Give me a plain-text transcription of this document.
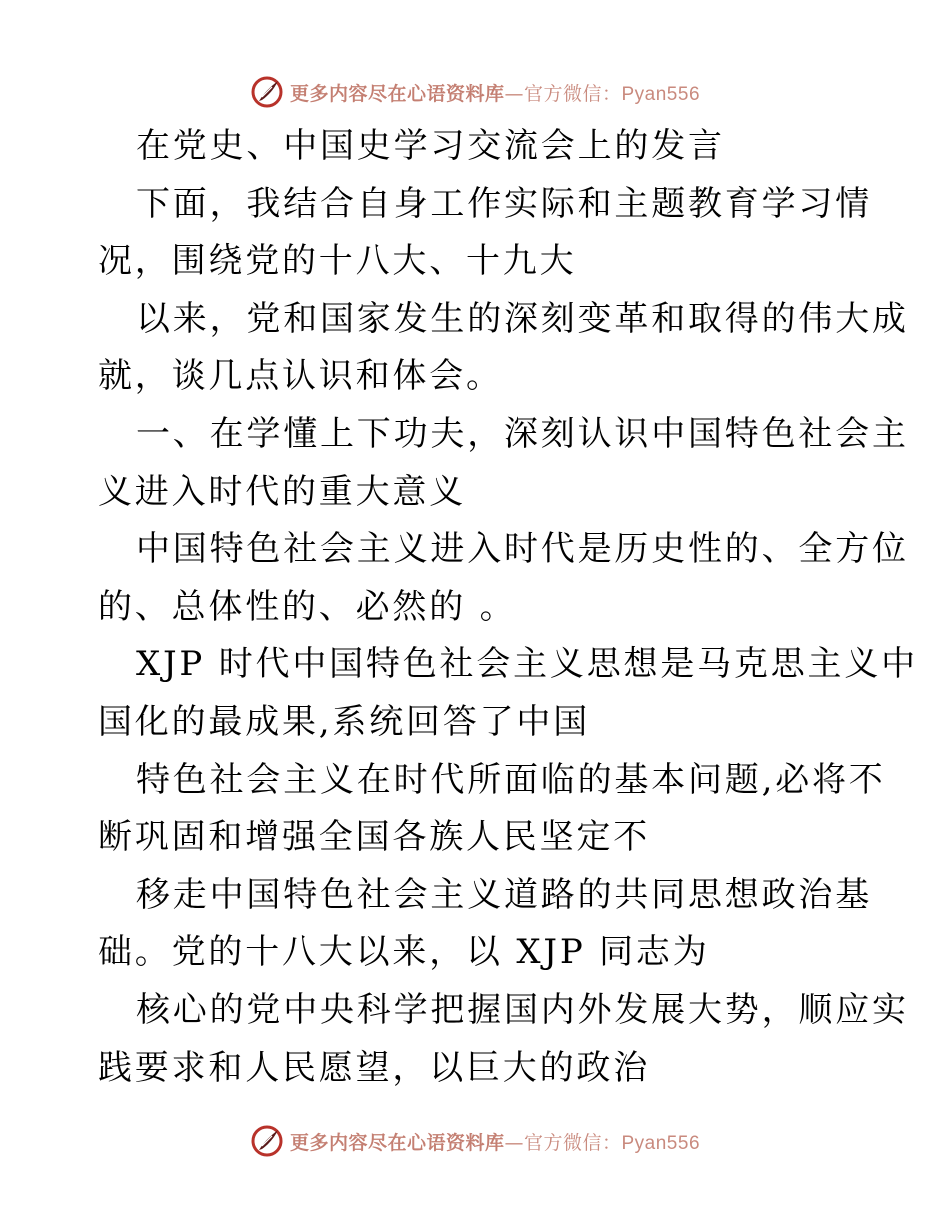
更多内容尽在心语资料库—官方微信：Pyan556
在党史、中国史学习交流会上的发言
下面，我结合自身工作实际和主题教育学习情
况，围绕党的十八大、十九大
以来，党和国家发生的深刻变革和取得的伟大成
就，谈几点认识和体会。
一、在学懂上下功夫，深刻认识中国特色社会主
义进入时代的重大意义
中国特色社会主义进入时代是历史性的、全方位
的、总体性的、必然的 。
XJP 时代中国特色社会主义思想是马克思主义中
国化的最成果,系统回答了中国
特色社会主义在时代所面临的基本问题,必将不
断巩固和增强全国各族人民坚定不
移走中国特色社会主义道路的共同思想政治基
础。党的十八大以来，以 XJP 同志为
核心的党中央科学把握国内外发展大势，顺应实
践要求和人民愿望，以巨大的政治
更多内容尽在心语资料库—官方微信：Pyan556
